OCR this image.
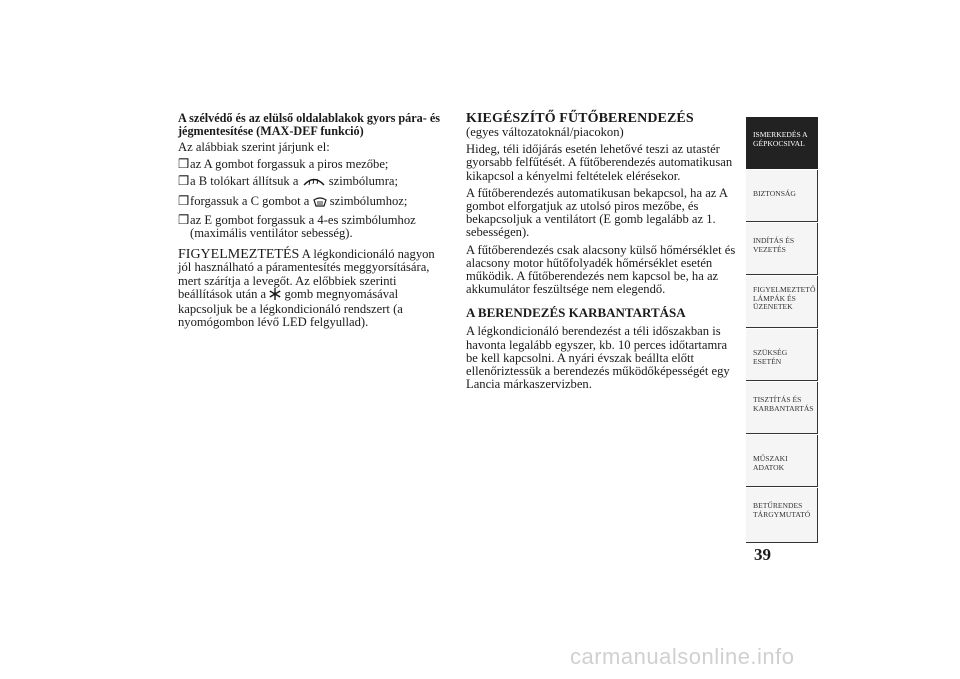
A szélvédő és az elülső oldalablakok gyors pára- és jégmentesítése (MAX-DEF funkció)

Az alábbiak szerint járjunk el:

❒ az A gombot forgassuk a piros mezőbe;
❒ a B tolókart állítsuk a szimbólumra;
❒ forgassuk a C gombot a szimbólumhoz;
❒ az E gombot forgassuk a 4-es szimbólumhoz (maximális ventilátor sebesség).

FIGYELMEZTETÉS A légkondicionáló nagyon jól használható a páramentesítés meggyorsítására, mert szárítja a levegőt. Az előbbiek szerinti beállítások után a gomb megnyomásával kapcsoljuk be a légkondicionáló rendszert (a nyomógombon lévő LED felgyullad).

KIEGÉSZÍTŐ FŰTŐBERENDEZÉS

(egyes változatoknál/piacokon)

Hideg, téli időjárás esetén lehetővé teszi az utastér gyorsabb felfűtését. A fűtőberendezés automatikusan kikapcsol a kényelmi feltételek elérésekor.

A fűtőberendezés automatikusan bekapcsol, ha az A gombot elforgatjuk az utolsó piros mezőbe, és bekapcsoljuk a ventilátort (E gomb legalább az 1. sebességen).

A fűtőberendezés csak alacsony külső hőmérséklet és alacsony motor hűtőfolyadék hőmérséklet esetén működik. A fűtőberendezés nem kapcsol be, ha az akkumulátor feszültsége nem elegendő.

A BERENDEZÉS KARBANTARTÁSA

A légkondicionáló berendezést a téli időszakban is havonta legalább egyszer, kb. 10 perces időtartamra be kell kapcsolni. A nyári évszak beállta előtt ellenőriztessük a berendezés működőképességét egy Lancia márkaszervizben.

ISMERKEDÉS A
GÉPKOCSIVAL
BIZTONSÁG
INDÍTÁS ÉS
VEZETÉS
FIGYELMEZTETŐ
LÁMPÁK ÉS
ÜZENETEK
SZÜKSÉG ESETÉN
TISZTÍTÁS ÉS
KARBANTARTÁS
MŰSZAKI ADATOK
BETŰRENDES
TÁRGYMUTATÓ
39
carmanualsonline.info
